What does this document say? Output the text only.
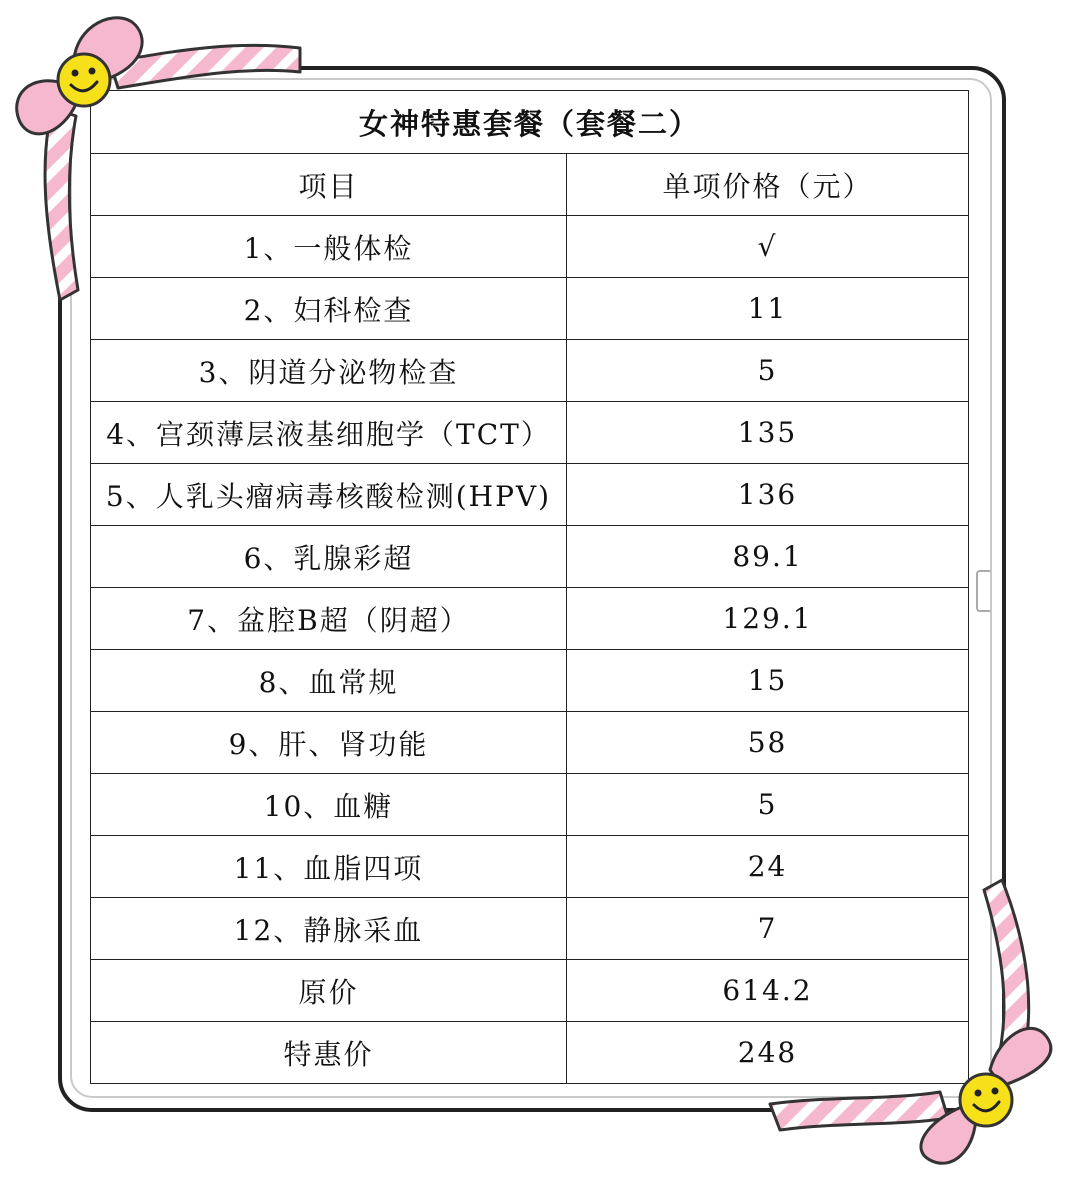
女神特惠套餐（套餐二）	
项目	单项价格（元）
1、一般体检	√
2、妇科检查	11
3、阴道分泌物检查	5
4、宫颈薄层液基细胞学（TCT）	135
5、人乳头瘤病毒核酸检测(HPV)	136
6、乳腺彩超	89.1
7、盆腔B超（阴超）	129.1
8、血常规	15
9、肝、肾功能	58
10、血糖	5
11、血脂四项	24
12、静脉采血	7
原价	614.2
特惠价	248
